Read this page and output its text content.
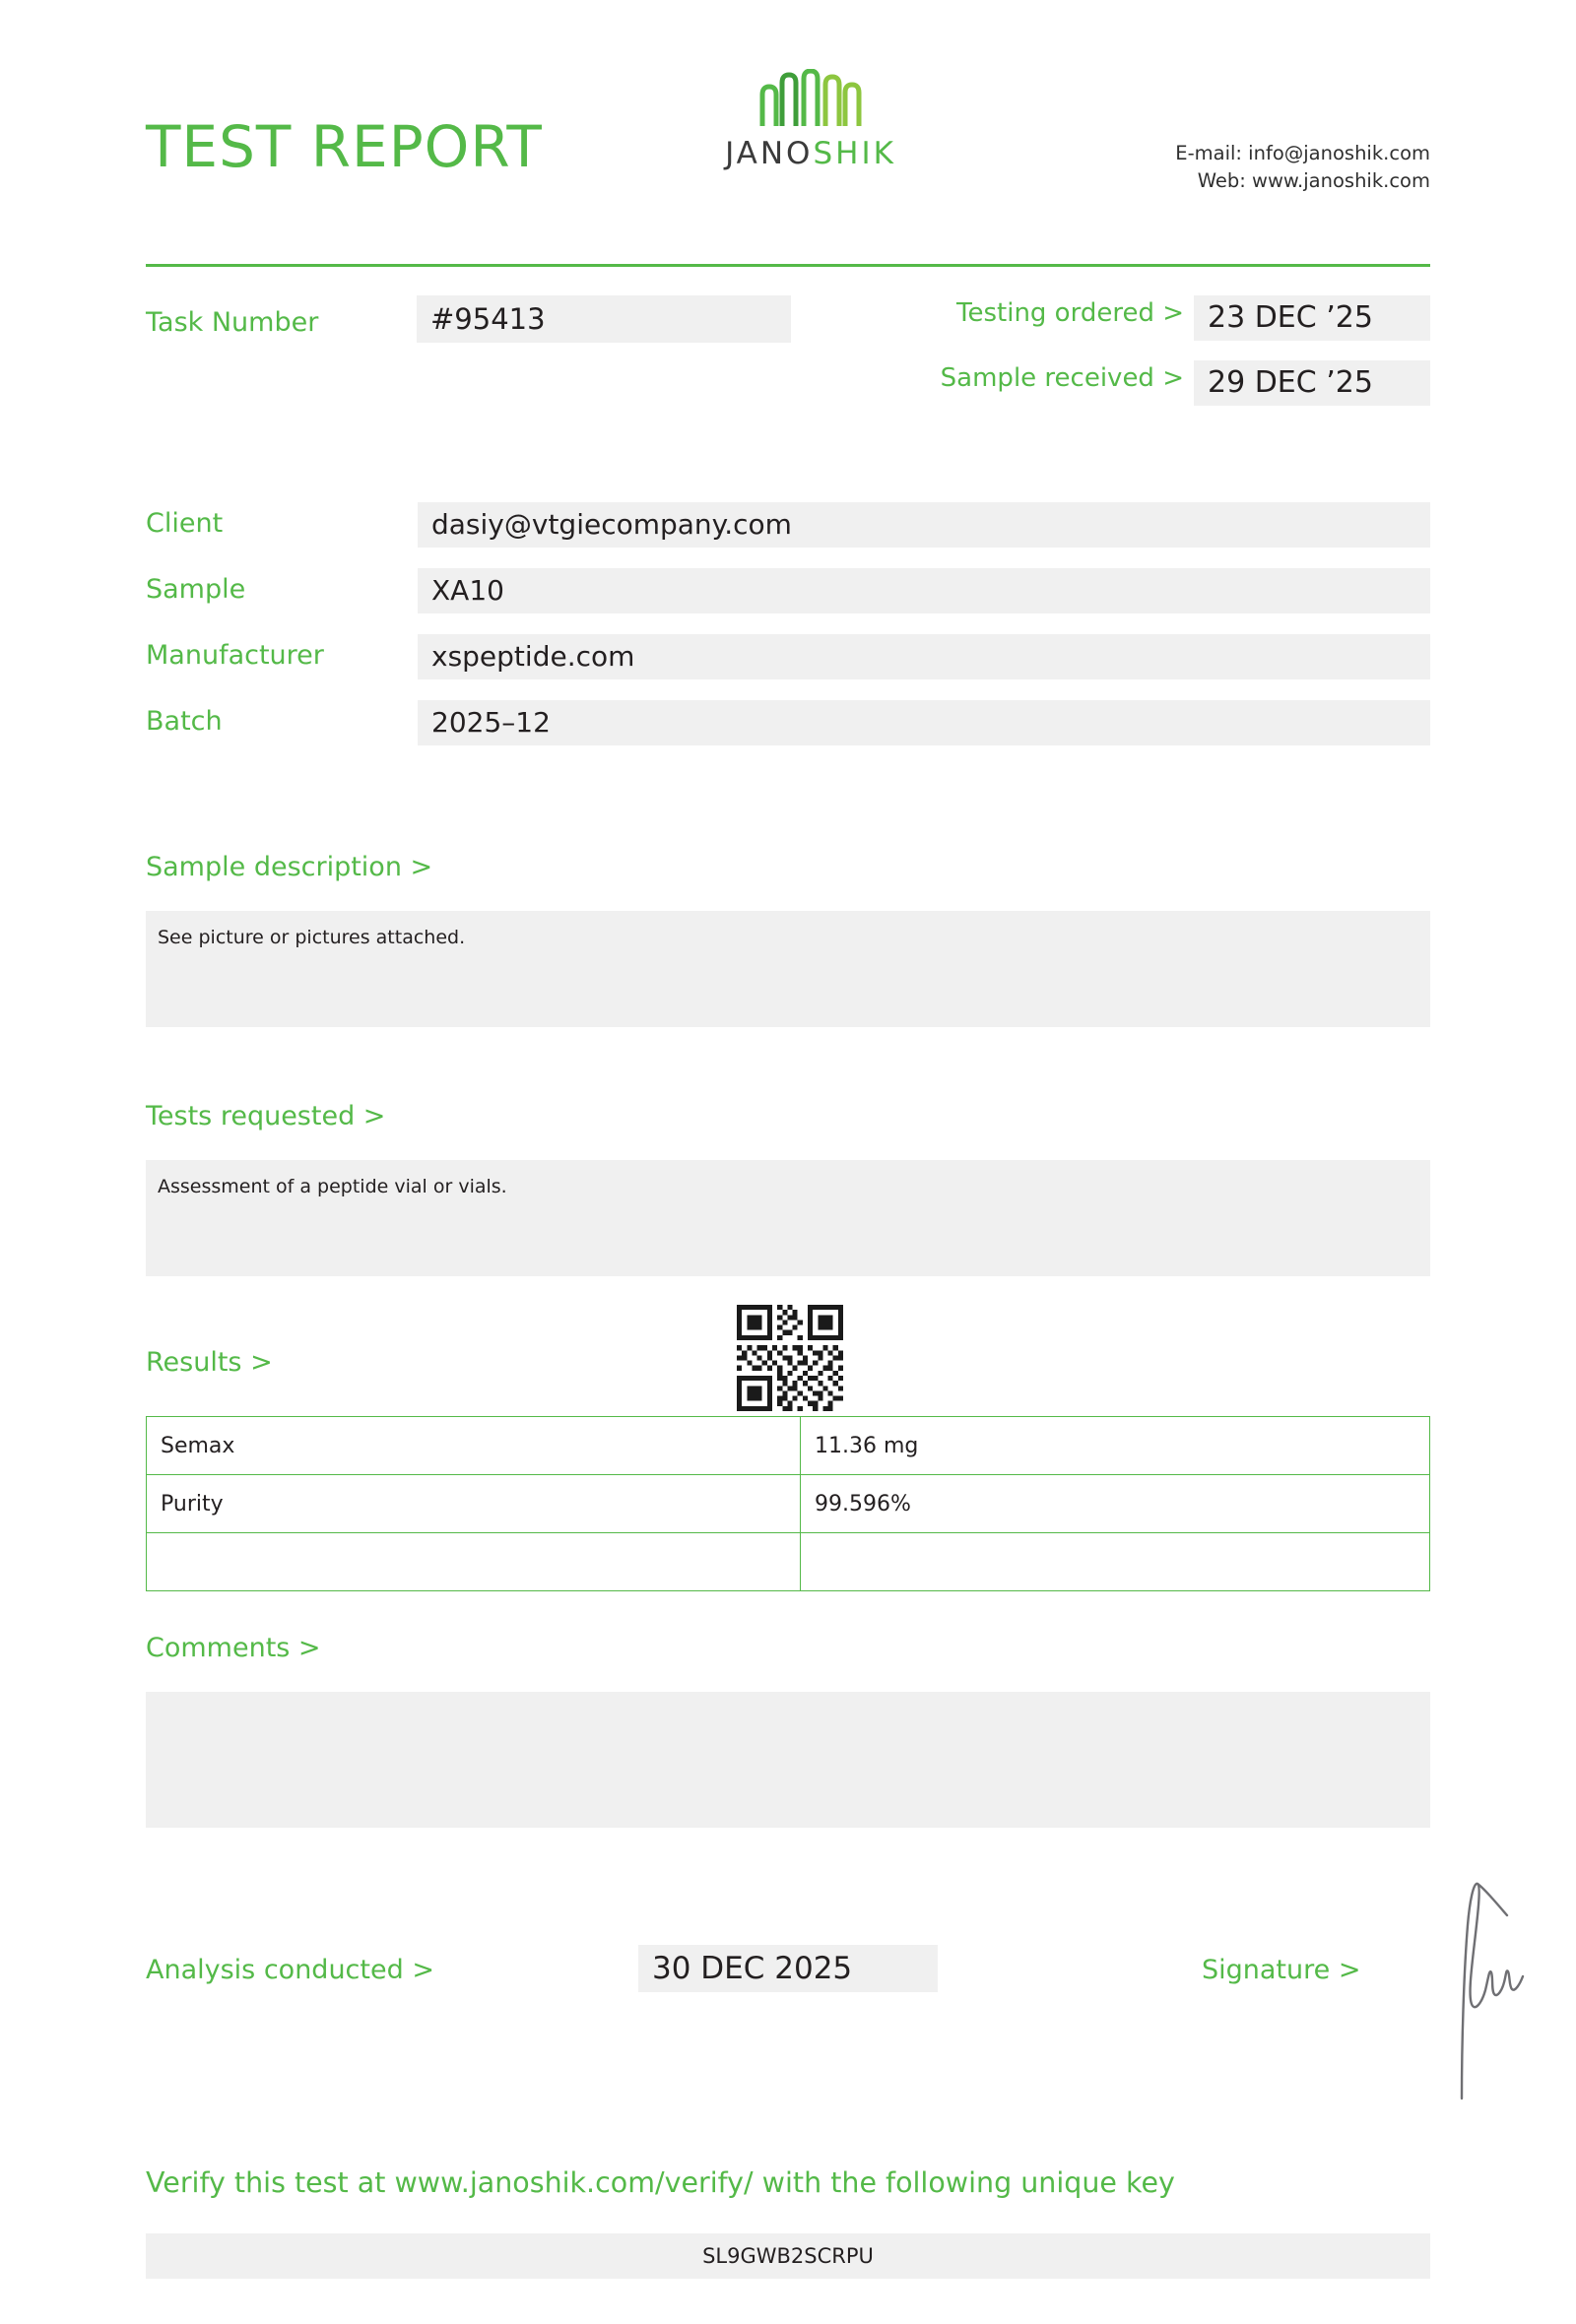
TEST REPORT	JANOSHIK	E-mail: info@janoshik.com
Web: www.janoshik.com
Task Number	#95413	Testing ordered > 23 DEC ’25
Sample received > 29 DEC ’25
Client	dasiy@vtgiecompany.com
Sample	XA10
Manufacturer	xspeptide.com
Batch	2025–12
Sample description >
See picture or pictures attached.
Tests requested >
Assessment of a peptide vial or vials.
Results >
Semax	11.36 mg
Purity	99.596%

Comments >
Analysis conducted >	30 DEC 2025	Signature >
Verify this test at www.janoshik.com/verify/ with the following unique key
SL9GWB2SCRPU
